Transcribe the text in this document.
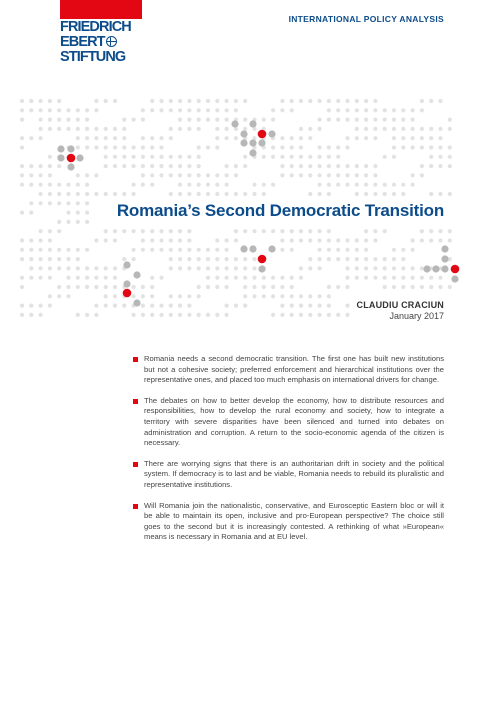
FRIEDRICH
EBERT
STIFTUNG
INTERNATIONAL POLICY ANALYSIS
Romania’s Second Democratic Transition
CLAUDIU CRACIUN
January 2017
Romania needs a second democratic transition. The first one has built new institutions but not a cohesive society; preferred enforcement and hierarchical institutions over the representative ones, and placed too much emphasis on international drivers for change.
The debates on how to better develop the economy, how to distribute resources and responsibilities, how to develop the rural economy and society, how to integrate a territory with severe disparities have been silenced and turned into debates on administration and corruption. A return to the socio-economic agenda of the citizen is necessary.
There are worrying signs that there is an authoritarian drift in society and the political system. If democracy is to last and be viable, Romania needs to rebuild its pluralistic and representative institutions.
Will Romania join the nationalistic, conservative, and Eurosceptic Eastern bloc or will it be able to maintain its open, inclusive and pro-European perspective? The choice still goes to the second but it is increasingly contested. A rethinking of what »European« means is necessary in Romania and at EU level.
